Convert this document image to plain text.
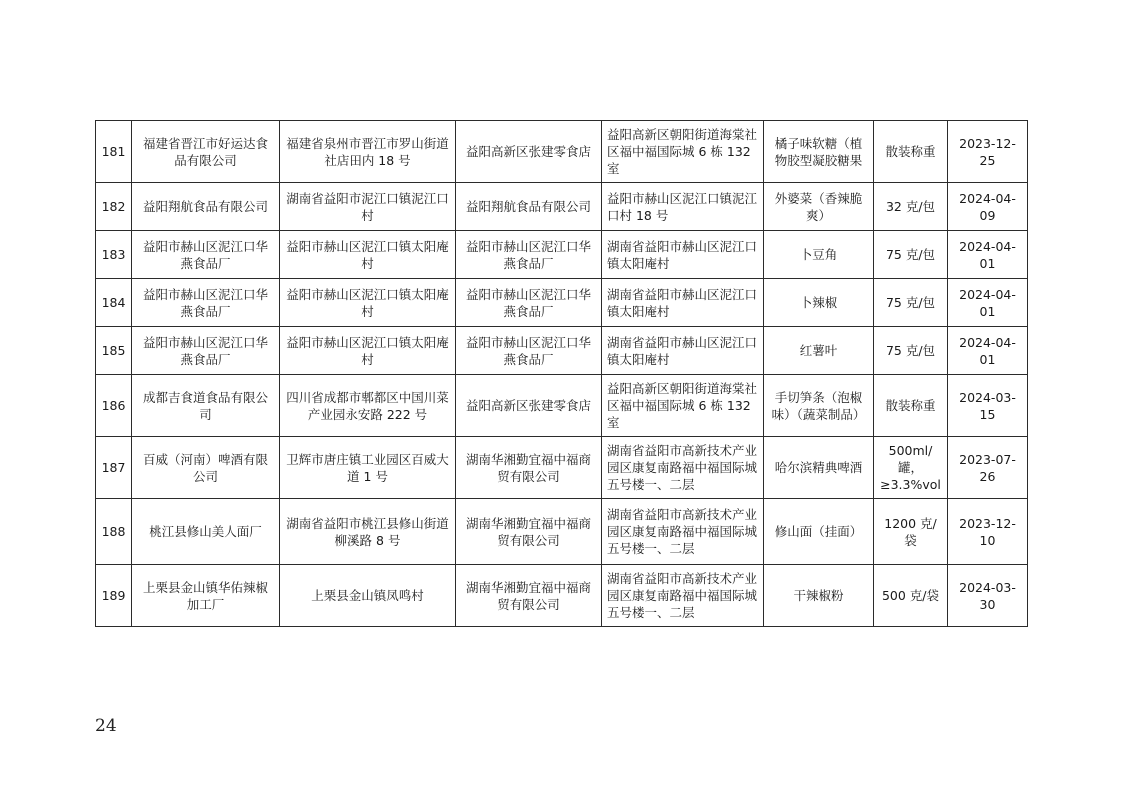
181	福建省晋江市好运达食品有限公司	福建省泉州市晋江市罗山街道社店田内 18 号	益阳高新区张建零食店	益阳高新区朝阳街道海棠社区福中福国际城 6 栋 132 室	橘子味软糖（植物胶型凝胶糖果	散装称重	2023-12-25
182	益阳翔航食品有限公司	湖南省益阳市泥江口镇泥江口村	益阳翔航食品有限公司	益阳市赫山区泥江口镇泥江口村 18 号	外婆菜（香辣脆爽）	32 克/包	2024-04-09
183	益阳市赫山区泥江口华燕食品厂	益阳市赫山区泥江口镇太阳庵村	益阳市赫山区泥江口华燕食品厂	湖南省益阳市赫山区泥江口镇太阳庵村	卜豆角	75 克/包	2024-04-01
184	益阳市赫山区泥江口华燕食品厂	益阳市赫山区泥江口镇太阳庵村	益阳市赫山区泥江口华燕食品厂	湖南省益阳市赫山区泥江口镇太阳庵村	卜辣椒	75 克/包	2024-04-01
185	益阳市赫山区泥江口华燕食品厂	益阳市赫山区泥江口镇太阳庵村	益阳市赫山区泥江口华燕食品厂	湖南省益阳市赫山区泥江口镇太阳庵村	红薯叶	75 克/包	2024-04-01
186	成都吉食道食品有限公司	四川省成都市郫都区中国川菜产业园永安路 222 号	益阳高新区张建零食店	益阳高新区朝阳街道海棠社区福中福国际城 6 栋 132 室	手切笋条（泡椒味）（蔬菜制品）	散装称重	2024-03-15
187	百威（河南）啤酒有限公司	卫辉市唐庄镇工业园区百威大道 1 号	湖南华湘勤宜福中福商贸有限公司	湖南省益阳市高新技术产业园区康复南路福中福国际城五号楼一、二层	哈尔滨精典啤酒	500ml/罐，≥3.3%vol	2023-07-26
188	桃江县修山美人面厂	湖南省益阳市桃江县修山街道柳溪路 8 号	湖南华湘勤宜福中福商贸有限公司	湖南省益阳市高新技术产业园区康复南路福中福国际城五号楼一、二层	修山面（挂面）	1200 克/袋	2023-12-10
189	上栗县金山镇华佑辣椒加工厂	上栗县金山镇凤鸣村	湖南华湘勤宜福中福商贸有限公司	湖南省益阳市高新技术产业园区康复南路福中福国际城五号楼一、二层	干辣椒粉	500 克/袋	2024-03-30
24
